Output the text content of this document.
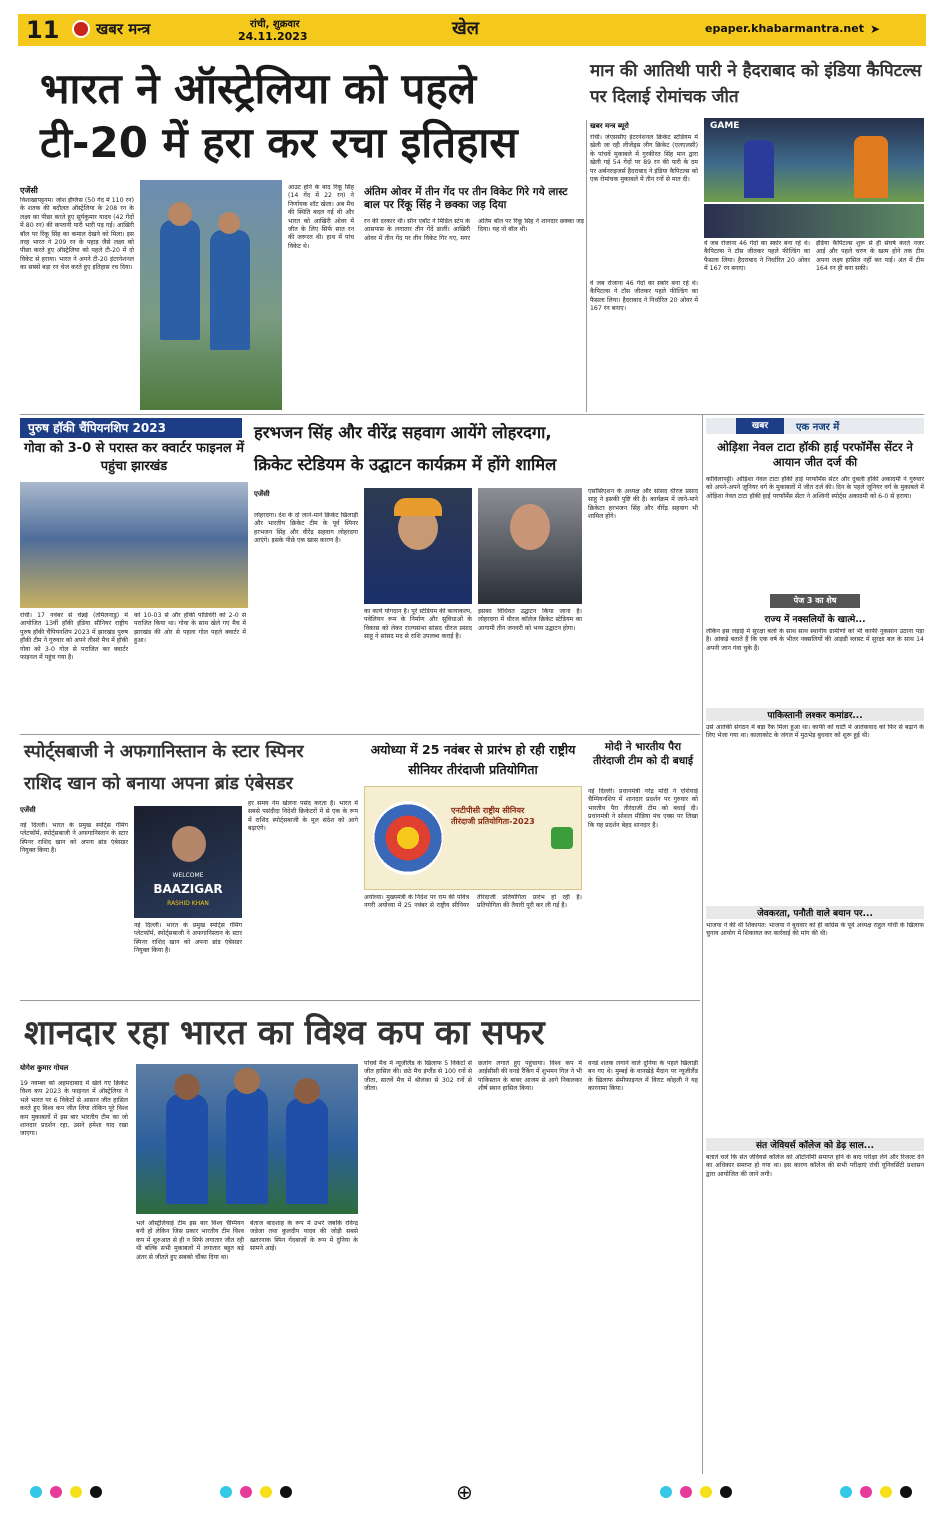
11 खबर मन्त्र	रांची, शुक्रवार
24.11.2023	खेल	epaper.khabarmantra.net ➤
भारत ने ऑस्ट्रेलिया को पहले
टी-20 में हरा कर रचा इतिहास
एजेंसी
विशाखापट्टनम। जोश इंग्लिस (50 गेंद में 110 रन) के शतक की बदौलत ऑस्ट्रेलिया के 208 रन के लक्ष्य का पीछा करते हुए सूर्यकुमार यादव (42 गेंदों में 80 रन) की कप्तानी पारी भारी पड़ गई। आखिरी बॉल पर रिंकू सिंह का कमाल देखने को मिला। इस तरह भारत ने 209 रन के पहाड़ जैसे लक्ष्य को पीछा करते हुए ऑस्ट्रेलिया को पहले टी-20 में दो विकेट से हराया। भारत ने अपने टी-20 इंटरनेशनल का सबसे बड़ा रन चेज करते हुए इतिहास रच दिया।
आउट होने के बाद रिंकू सिंह (14 गेंद में 22 रन) ने निर्णायक शॉट खेला। अब मैच की स्थिति बदल गई थी और भारत को आखिरी ओवर में जीत के लिए सिर्फ सात रन की जरूरत थी। हाथ में पांच विकेट थे।
अंतिम ओवर में तीन गेंद पर तीन विकेट गिरे गये लास्ट बाल पर रिंकू सिंह ने छक्का जड़ दिया
रन की दरकार थी। सीन एबॉट ने मिडिल स्टंप के आसपास के लगातार तीन गेंदें डालीं। आखिरी ओवर में तीन गेंद पर तीन विकेट गिर गए, मगर अंतिम बॉल पर रिंकू सिंह ने शानदार छक्का जड़ दिया। यह नो बॉल थी।
मान की आतिथी पारी ने हैदराबाद को इंडिया कैपिटल्स पर दिलाई रोमांचक जीत
खबर मन्त्र ब्यूरो
रांची। जेएससीए इंटरनेशनल क्रिकेट स्टेडियम में खेली जा रही लीजेंड्स लीग क्रिकेट (एलएलसी) के पांचवें मुकाबले में गुरकीरत सिंह मान द्वारा खेली गई 54 गेंदों पर 89 रन की पारी के दम पर अर्बनराइजर्स हैदराबाद ने इंडिया कैपिटल्स को एक रोमांचक मुकाबले में तीन रनों से मात दी।
GAME
वे जब रोजाना 46 गेंदों का स्कोर बना रहे थे। कैपिटल्स ने टॉस जीतकर पहले फील्डिंग का फैसला लिया। हैदराबाद ने निर्धारित 20 ओवर में 167 रन बनाए।
इंडिया कैपिटल्स शुरू से ही संघर्ष करते नजर आई और पहले चरण के खत्म होने तक टीम अपना लक्ष्य हासिल नहीं कर पाई। अंत में टीम 164 रन ही बना सकी।
वे जब रोजाना 46 गेंदों का स्कोर बना रहे थे। कैपिटल्स ने टॉस जीतकर पहले फील्डिंग का फैसला लिया। हैदराबाद ने निर्धारित 20 ओवर में 167 रन बनाए।
पुरुष हॉकी चैंपियनशिप 2023
गोवा को 3-0 से परास्त कर क्वार्टर फाइनल में पहुंचा झारखंड
रांची। 17 नवंबर से चेन्नई (तमिलनाडु) में आयोजित 13वीं हॉकी इंडिया सीनियर राष्ट्रीय पुरुष हॉकी चैंपियनशिप 2023 में झारखंड पुरुष हॉकी टीम ने गुरुवार को अपने तीसरे मैच में हॉकी गोवा को 3-0 गोल से पराजित कर क्वार्टर फाइनल में पहुंच गया है।
को 10-03 से और हॉकी पांडिचेरी को 2-0 से पराजित किया था। गोवा के साथ खेले गए मैच में झारखंड की ओर से पहला गोल पहले क्वार्टर में हुआ।
हरभजन सिंह और वीरेंद्र सहवाग आयेंगे लोहरदगा,
क्रिकेट स्टेडियम के उद्घाटन कार्यक्रम में होंगे शामिल
एजेंसी
लोहरदगा। देश के दो जाने-माने क्रिकेट खिलाड़ी और भारतीय क्रिकेट टीम के पूर्व स्पिनर हरभजन सिंह और वीरेंद्र सहवाग लोहरदगा आएंगे। इसके पीछे एक खास कारण है।
का कार्य योगदान है। पूरे स्टेडियम की कायाकल्प, पवेलियन रूम के निर्माण और सुविधाओं के विकास को लेकर राज्यसभा सांसद धीरज प्रसाद साहू ने सांसद मद से राशि उपलब्ध कराई है।
इसका विधिवत उद्घाटन किया जाना है। लोहरदगा में धीरज कॉलेज क्रिकेट स्टेडियम का आगामी तीन जनवरी को भव्य उद्घाटन होगा।
एसोसिएशन के अध्यक्ष और सांसद धीरज प्रसाद साहू ने इसकी पुष्टि की है। कार्यक्रम में जाने-माने क्रिकेटर हरभजन सिंह और वीरेंद्र सहवाग भी शामिल होंगे।
खबर	एक नजर में
ओड़िशा नेवल टाटा हॉकी हाई परफॉर्मेंस सेंटर ने आयान जीत दर्ज की
कोविलापट्टी। ओड़िशा नेवल टाटा हॉकी हाई परफॉर्मेंस सेंटर और दुबली हॉकी अकादमी ने गुरुवार को अपने-अपने जूनियर वर्ग के मुकाबलों में जीत दर्ज की। दिन के पहले जूनियर वर्ग के मुकाबले में ओड़िशा नेवल टाटा हॉकी हाई परफॉर्मेंस सेंटर ने अश्विनी स्पोर्ट्स अकादमी को 6-0 से हराया।
पेज 3 का शेष
राज्य में नक्सलियों के खात्मे...
लेकिन इस लड़ाई में सुरक्षा बलों के साथ साथ स्थानीय ग्रामीणों को भी काफी नुकसान उठाना पड़ा है। आंकड़े बताते हैं कि एक वर्ष के भीतर नक्सलियों की आइडी ब्लास्ट में सुरक्षा बल के साथ 14 अपनी जान गंवा चुके हैं।
पाकिस्तानी लश्कर कमांडर...
उसे आतंकी संगठन में बड़ा रैंक मिला हुआ था। काफी को घाटी में आतंकवाद को फिर से बढ़ाने के लिए भेजा गया था। कालाकोट के जंगल में मुठभेड़ बुधवार को शुरू हुई थी।
जेवकरता, पनौती वाले बयान पर...
भाजपा ने की थी शिकायत: भाजपा ने बुधवार को ही कांग्रेस के पूर्व अध्यक्ष राहुल गांधी के खिलाफ चुनाव आयोग में शिकायत कर कार्रवाई की मांग की थी।
संत जेवियर्स कॉलेज को डेढ़ साल...
बताते चलें कि संत जेवियर्स कॉलेज को ऑटोनॉमी समाप्त होने के बाद परीक्षा लेने और रिजल्ट देने का अधिकार समाप्त हो गया था। इस कारण कॉलेज की सभी परीक्षाएं रांची यूनिवर्सिटी प्रशासन द्वारा आयोजित की जाने लगी।
स्पोर्ट्सबाजी ने अफगानिस्तान के स्टार स्पिनर
राशिद खान को बनाया अपना ब्रांड एंबेसडर
एजेंसी
नई दिल्ली। भारत के प्रमुख स्पोर्ट्स गेमिंग प्लेटफॉर्म, स्पोर्ट्सबाजी ने अफगानिस्तान के स्टार स्पिनर राशिद खान को अपना ब्रांड एंबेसडर नियुक्त किया है।
WELCOME
BAAZIGAR
RASHID KHAN
नई दिल्ली। भारत के प्रमुख स्पोर्ट्स गेमिंग प्लेटफॉर्म, स्पोर्ट्सबाजी ने अफगानिस्तान के स्टार स्पिनर राशिद खान को अपना ब्रांड एंबेसडर नियुक्त किया है।
हर समय नेम खेलना पसंद करता है। भारत में सबसे पसंदीदा विदेशी क्रिकेटरों में से एक के रूप में राशिद स्पोर्ट्सबाजी के मूल संदेश को आगे बढ़ाएंगे।
अयोध्या में 25 नवंबर से प्रारंभ हो रही राष्ट्रीय सीनियर तीरंदाजी प्रतियोगिता
एनटीपीसी राष्ट्रीय सीनियर तीरंदाजी प्रतियोगिता-2023
अयोध्या। मुख्यमंत्री के निर्देश पर राम की पवित्र नगरी अयोध्या में 25 नवंबर से राष्ट्रीय सीनियर तीरंदाजी प्रतियोगिता प्रारंभ हो रही है। प्रतियोगिता की तैयारी पूरी कर ली गई है।
मोदी ने भारतीय पैरा तीरंदाजी टीम को दी बधाई
नई दिल्ली। प्रधानमंत्री नरेंद्र मोदी ने एशियाई चैम्पियनशिप में शानदार प्रदर्शन पर गुरुवार को भारतीय पैरा तीरंदाजी टीम को बधाई दी। प्रधानमंत्री ने सोशल मीडिया मंच एक्स पर लिखा कि यह प्रदर्शन बेहद शानदार है।
शानदार रहा भारत का विश्व कप का सफर
योगेश कुमार गोयल
19 नवम्बर को अहमदाबाद में खेले गए क्रिकेट विश्व कप 2023 के फाइनल में ऑस्ट्रेलिया ने भले भारत पर 6 विकेटों से आसान जीत हासिल करते हुए विश्व कप जीत लिया लेकिन पूरे विश्व कप मुकाबलों में इस बार भारतीय टीम का जो शानदार प्रदर्शन रहा, उसने हमेशा याद रखा जाएगा।
भले ऑस्ट्रेलियाई टीम इस बार विश्व चैम्पियन बनी हो लेकिन जिस प्रकार भारतीय टीम विश्व कप में शुरुआत से ही न सिर्फ लगातार जीत रही थी बल्कि सभी मुकाबलों में लगातार बहुत बड़े अंतर से जीतते हुए सबको चौंका दिया था।
बेताज बादशाह के रूप में उभरे जबकि रविन्द्र जडेजा तथा कुलदीप यादव की जोड़ी सबसे खतरनाक स्पिन गेंदबाजों के रूप में दुनिया के सामने आई।
पांचवें मैच में न्यूजीलैंड के खिलाफ 5 विकेटों से जीत हासिल की। छठे मैच इंग्लैंड से 100 रनों से जीता, सातवें मैच में श्रीलंका से 302 रनों से जीता।
छलांग लगाते हुए पहुंचाया। विश्व कप में आईसीसी की वनडे रैंकिंग में शुभमन गिल ने भी पाकिस्तान के बाबर आजम से आगे निकलकर शीर्ष स्थान हासिल किया।
वनडे शतक लगाने वाले दुनिया के पहले खिलाड़ी बन गए थे। मुम्बई के वानखेड़े मैदान पर न्यूजीलैंड के खिलाफ सेमीफाइनल में विराट कोहली ने यह कारनामा किया।
⊕
